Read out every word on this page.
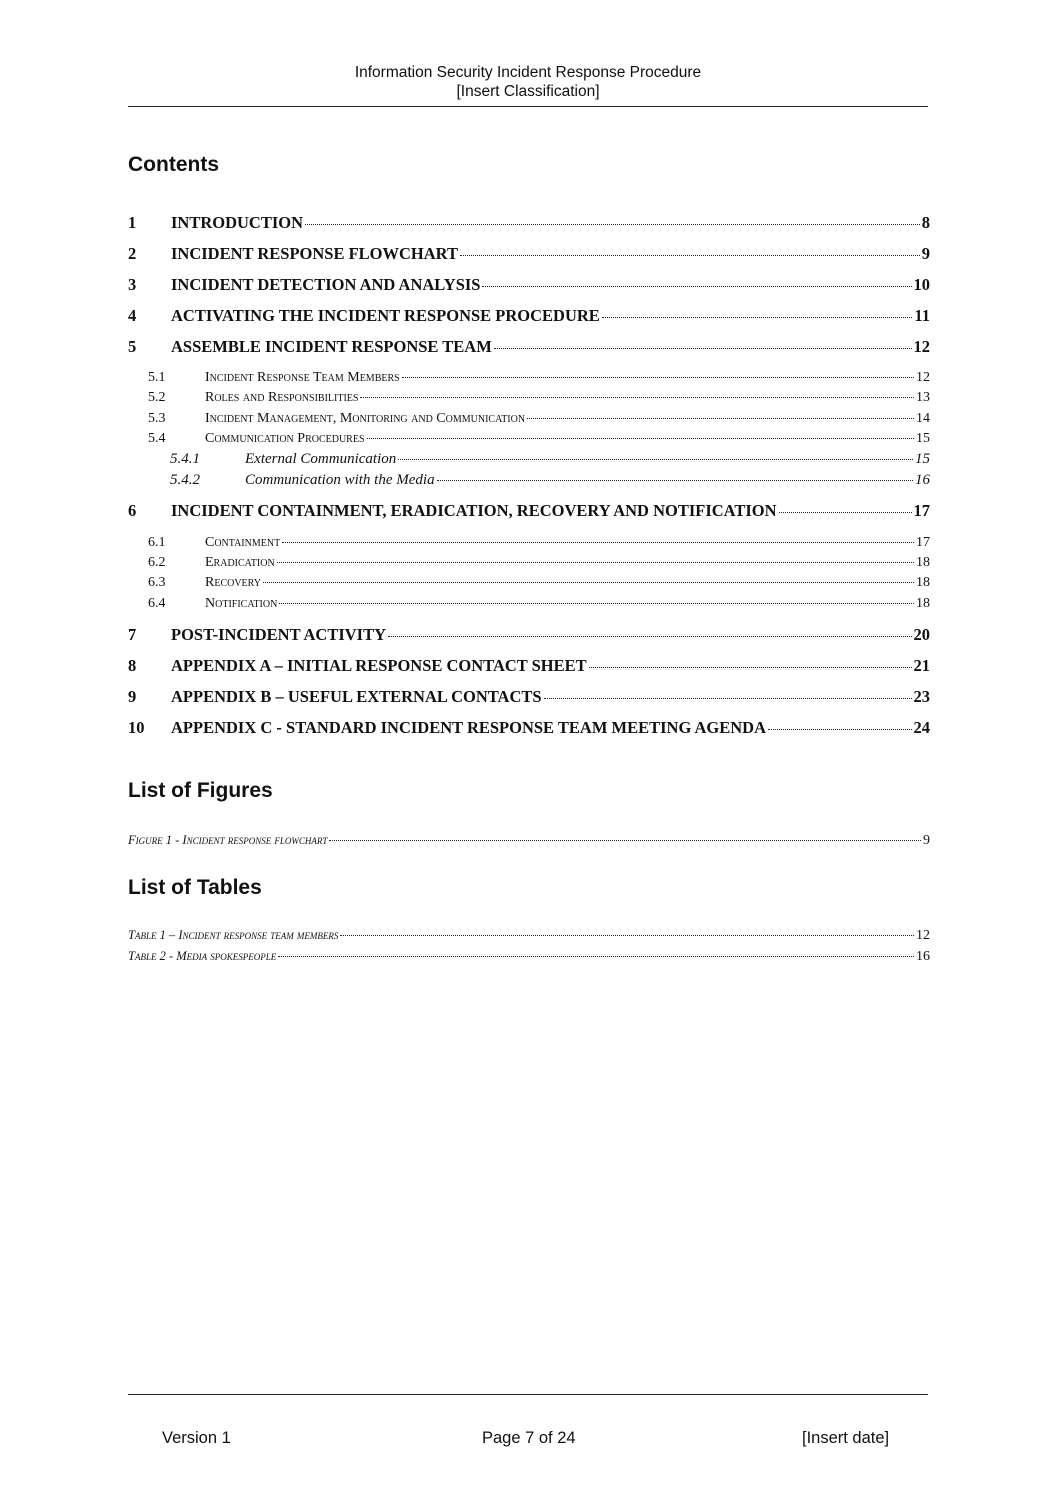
Information Security Incident Response Procedure
[Insert Classification]
Contents
1	INTRODUCTION	8
2	INCIDENT RESPONSE FLOWCHART	9
3	INCIDENT DETECTION AND ANALYSIS	10
4	ACTIVATING THE INCIDENT RESPONSE PROCEDURE	11
5	ASSEMBLE INCIDENT RESPONSE TEAM	12
5.1	Incident Response Team Members	12
5.2	Roles and Responsibilities	13
5.3	Incident Management, Monitoring and Communication	14
5.4	Communication Procedures	15
5.4.1	External Communication	15
5.4.2	Communication with the Media	16
6	INCIDENT CONTAINMENT, ERADICATION, RECOVERY AND NOTIFICATION	17
6.1	Containment	17
6.2	Eradication	18
6.3	Recovery	18
6.4	Notification	18
7	POST-INCIDENT ACTIVITY	20
8	APPENDIX A – INITIAL RESPONSE CONTACT SHEET	21
9	APPENDIX B – USEFUL EXTERNAL CONTACTS	23
10	APPENDIX C - STANDARD INCIDENT RESPONSE TEAM MEETING AGENDA	24
List of Figures
Figure 1 - Incident response flowchart	9
List of Tables
Table 1 – Incident response team members	12
Table 2 - Media spokespeople	16
Version 1	Page 7 of 24	[Insert date]
